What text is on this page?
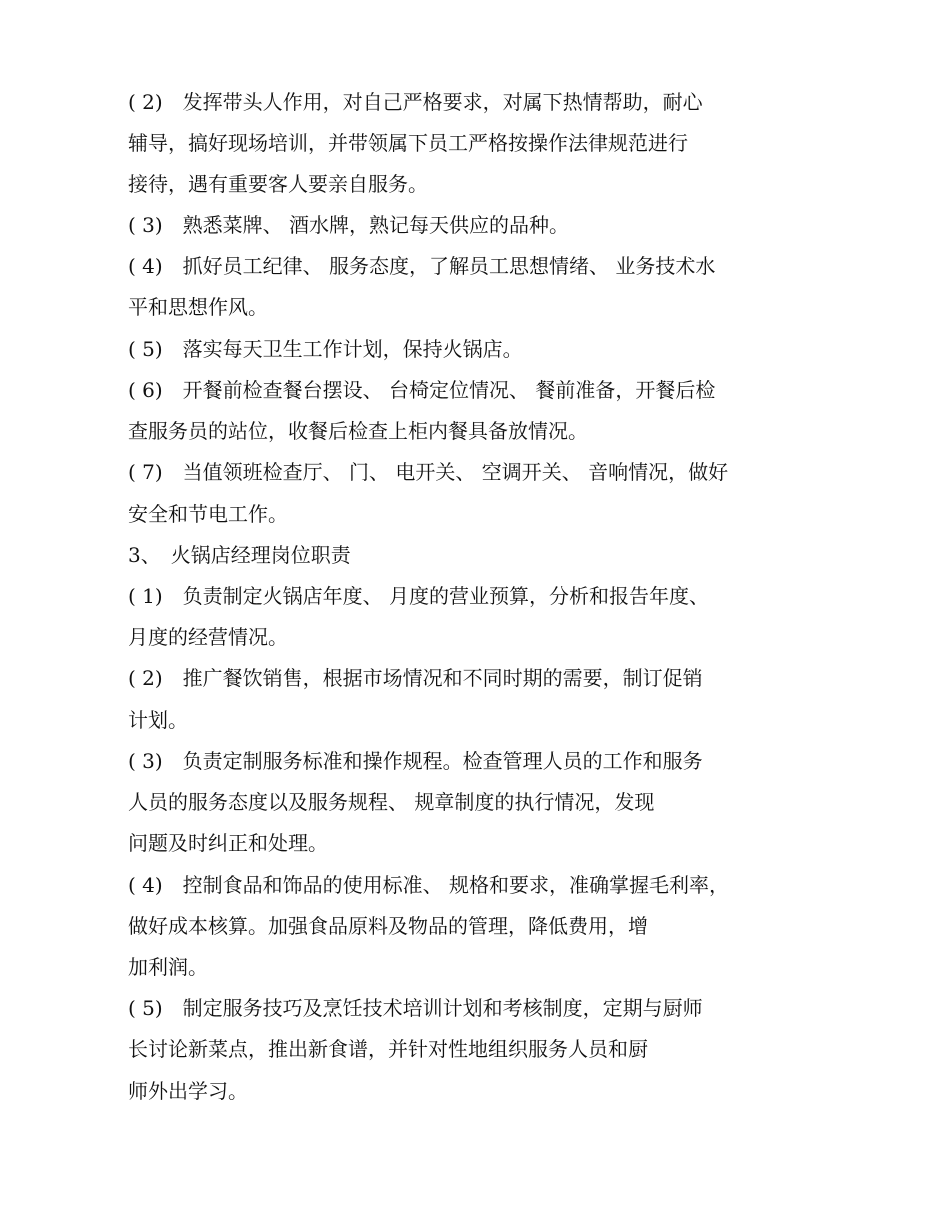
( 2)　发挥带头人作用，对自己严格要求，对属下热情帮助，耐心
辅导，搞好现场培训，并带领属下员工严格按操作法律规范进行
接待，遇有重要客人要亲自服务。
( 3)　熟悉菜牌、 酒水牌，熟记每天供应的品种。
( 4)　抓好员工纪律、 服务态度，了解员工思想情绪、 业务技术水
平和思想作风。
( 5)　落实每天卫生工作计划，保持火锅店。
( 6)　开餐前检查餐台摆设、 台椅定位情况、 餐前准备，开餐后检
查服务员的站位，收餐后检查上柜内餐具备放情况。
( 7)　当值领班检查厅、 门、 电开关、 空调开关、 音响情况，做好
安全和节电工作。
3、　火锅店经理岗位职责
( 1)　负责制定火锅店年度、 月度的营业预算，分析和报告年度、
月度的经营情况。
( 2)　推广餐饮销售，根据市场情况和不同时期的需要，制订促销
计划。
( 3)　负责定制服务标准和操作规程。检查管理人员的工作和服务
人员的服务态度以及服务规程、 规章制度的执行情况，发现
问题及时纠正和处理。
( 4)　控制食品和饰品的使用标准、 规格和要求，准确掌握毛利率，
做好成本核算。加强食品原料及物品的管理，降低费用，增
加利润。
( 5)　制定服务技巧及烹饪技术培训计划和考核制度，定期与厨师
长讨论新菜点，推出新食谱，并针对性地组织服务人员和厨
师外出学习。
